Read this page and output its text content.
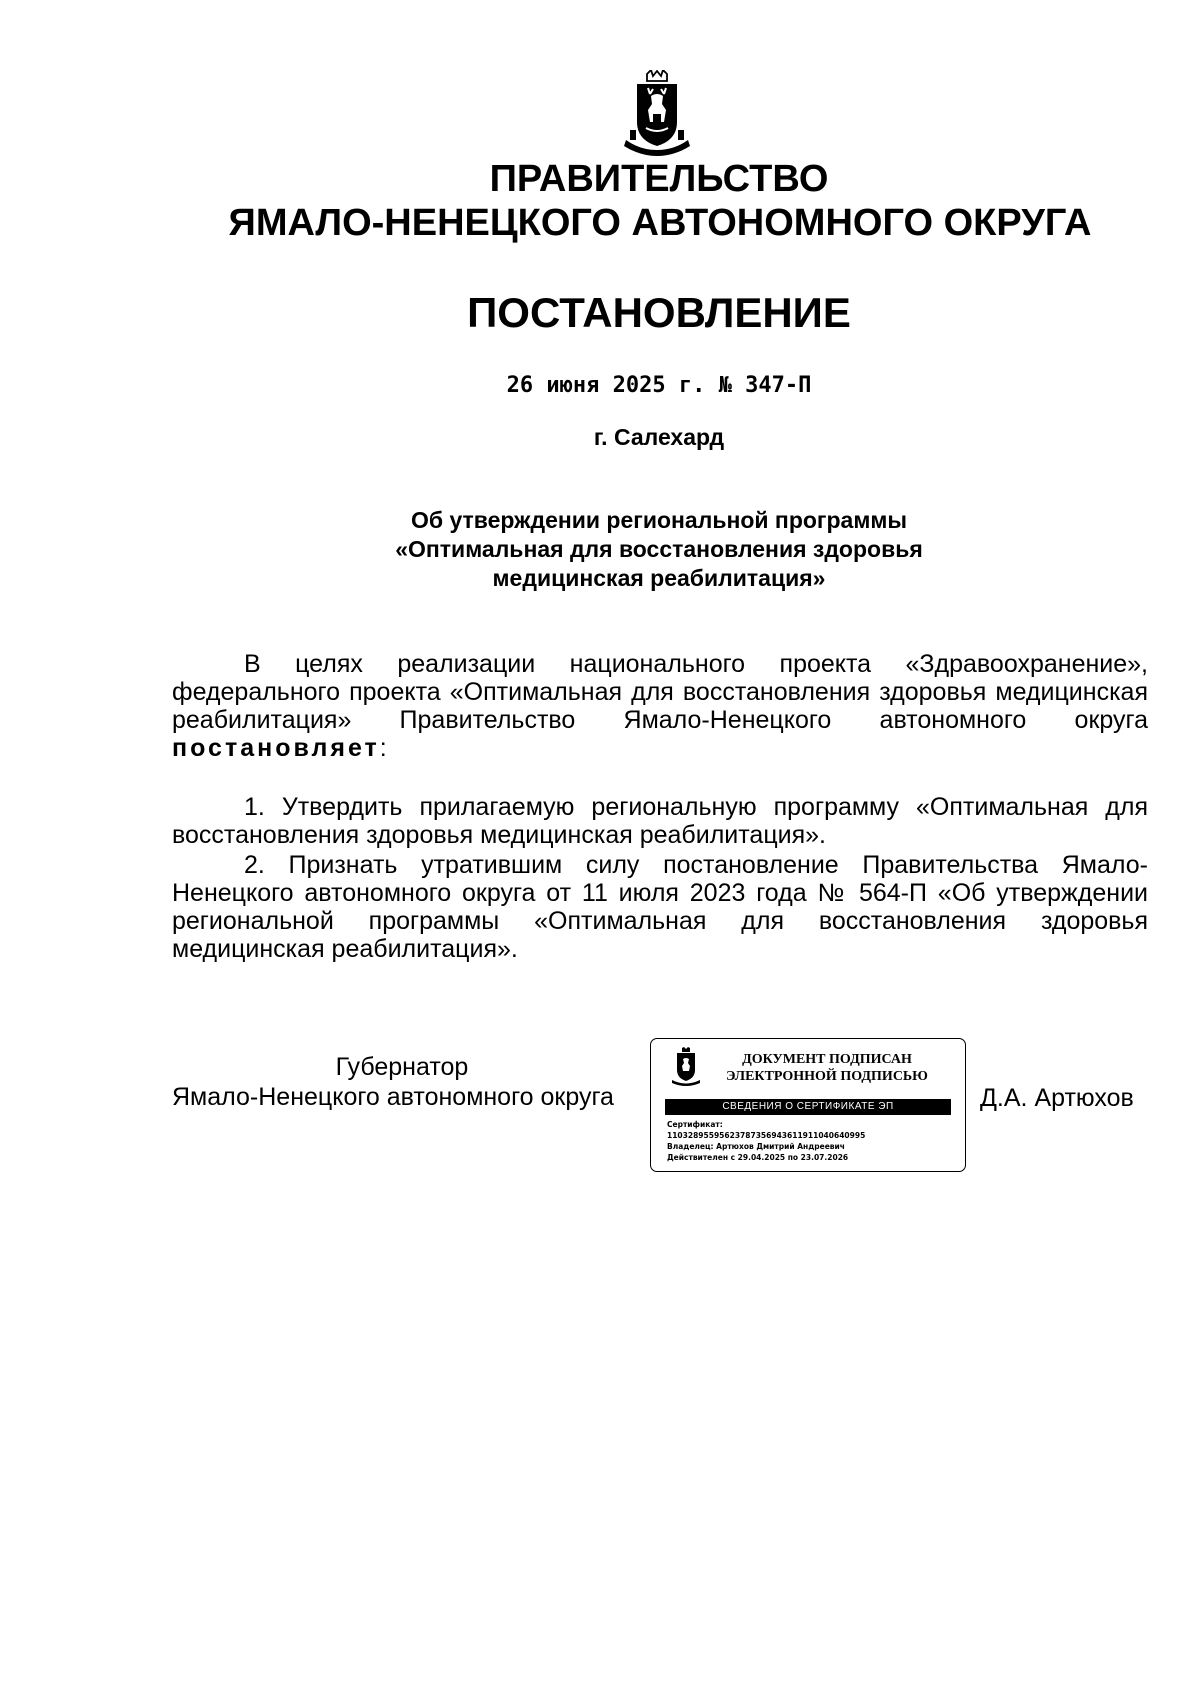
ПРАВИТЕЛЬСТВО
ЯМАЛО-НЕНЕЦКОГО АВТОНОМНОГО ОКРУГА
ПОСТАНОВЛЕНИЕ
26 июня 2025 г. № 347-П
г. Салехард
Об утверждении региональной программы
«Оптимальная для восстановления здоровья
медицинская реабилитация»

В целях реализации национального проекта «Здравоохранение», федерального проекта «Оптимальная для восстановления здоровья медицинская реабилитация» Правительство Ямало-Ненецкого автономного округа постановляет:

1. Утвердить прилагаемую региональную программу «Оптимальная для восстановления здоровья медицинская реабилитация».

2. Признать утратившим силу постановление Правительства Ямало-Ненецкого автономного округа от 11 июля 2023 года № 564-П «Об утверждении региональной программы «Оптимальная для восстановления здоровья медицинская реабилитация».

Губернатор
Ямало-Ненецкого автономного округа
ДОКУМЕНТ ПОДПИСАН
ЭЛЕКТРОННОЙ ПОДПИСЬЮ
СВЕДЕНИЯ О СЕРТИФИКАТЕ ЭП
Сертификат:
11032895595623787356943611911040640995
Владелец: Артюхов Дмитрий Андреевич
Действителен с 29.04.2025 по 23.07.2026
Д.А. Артюхов
